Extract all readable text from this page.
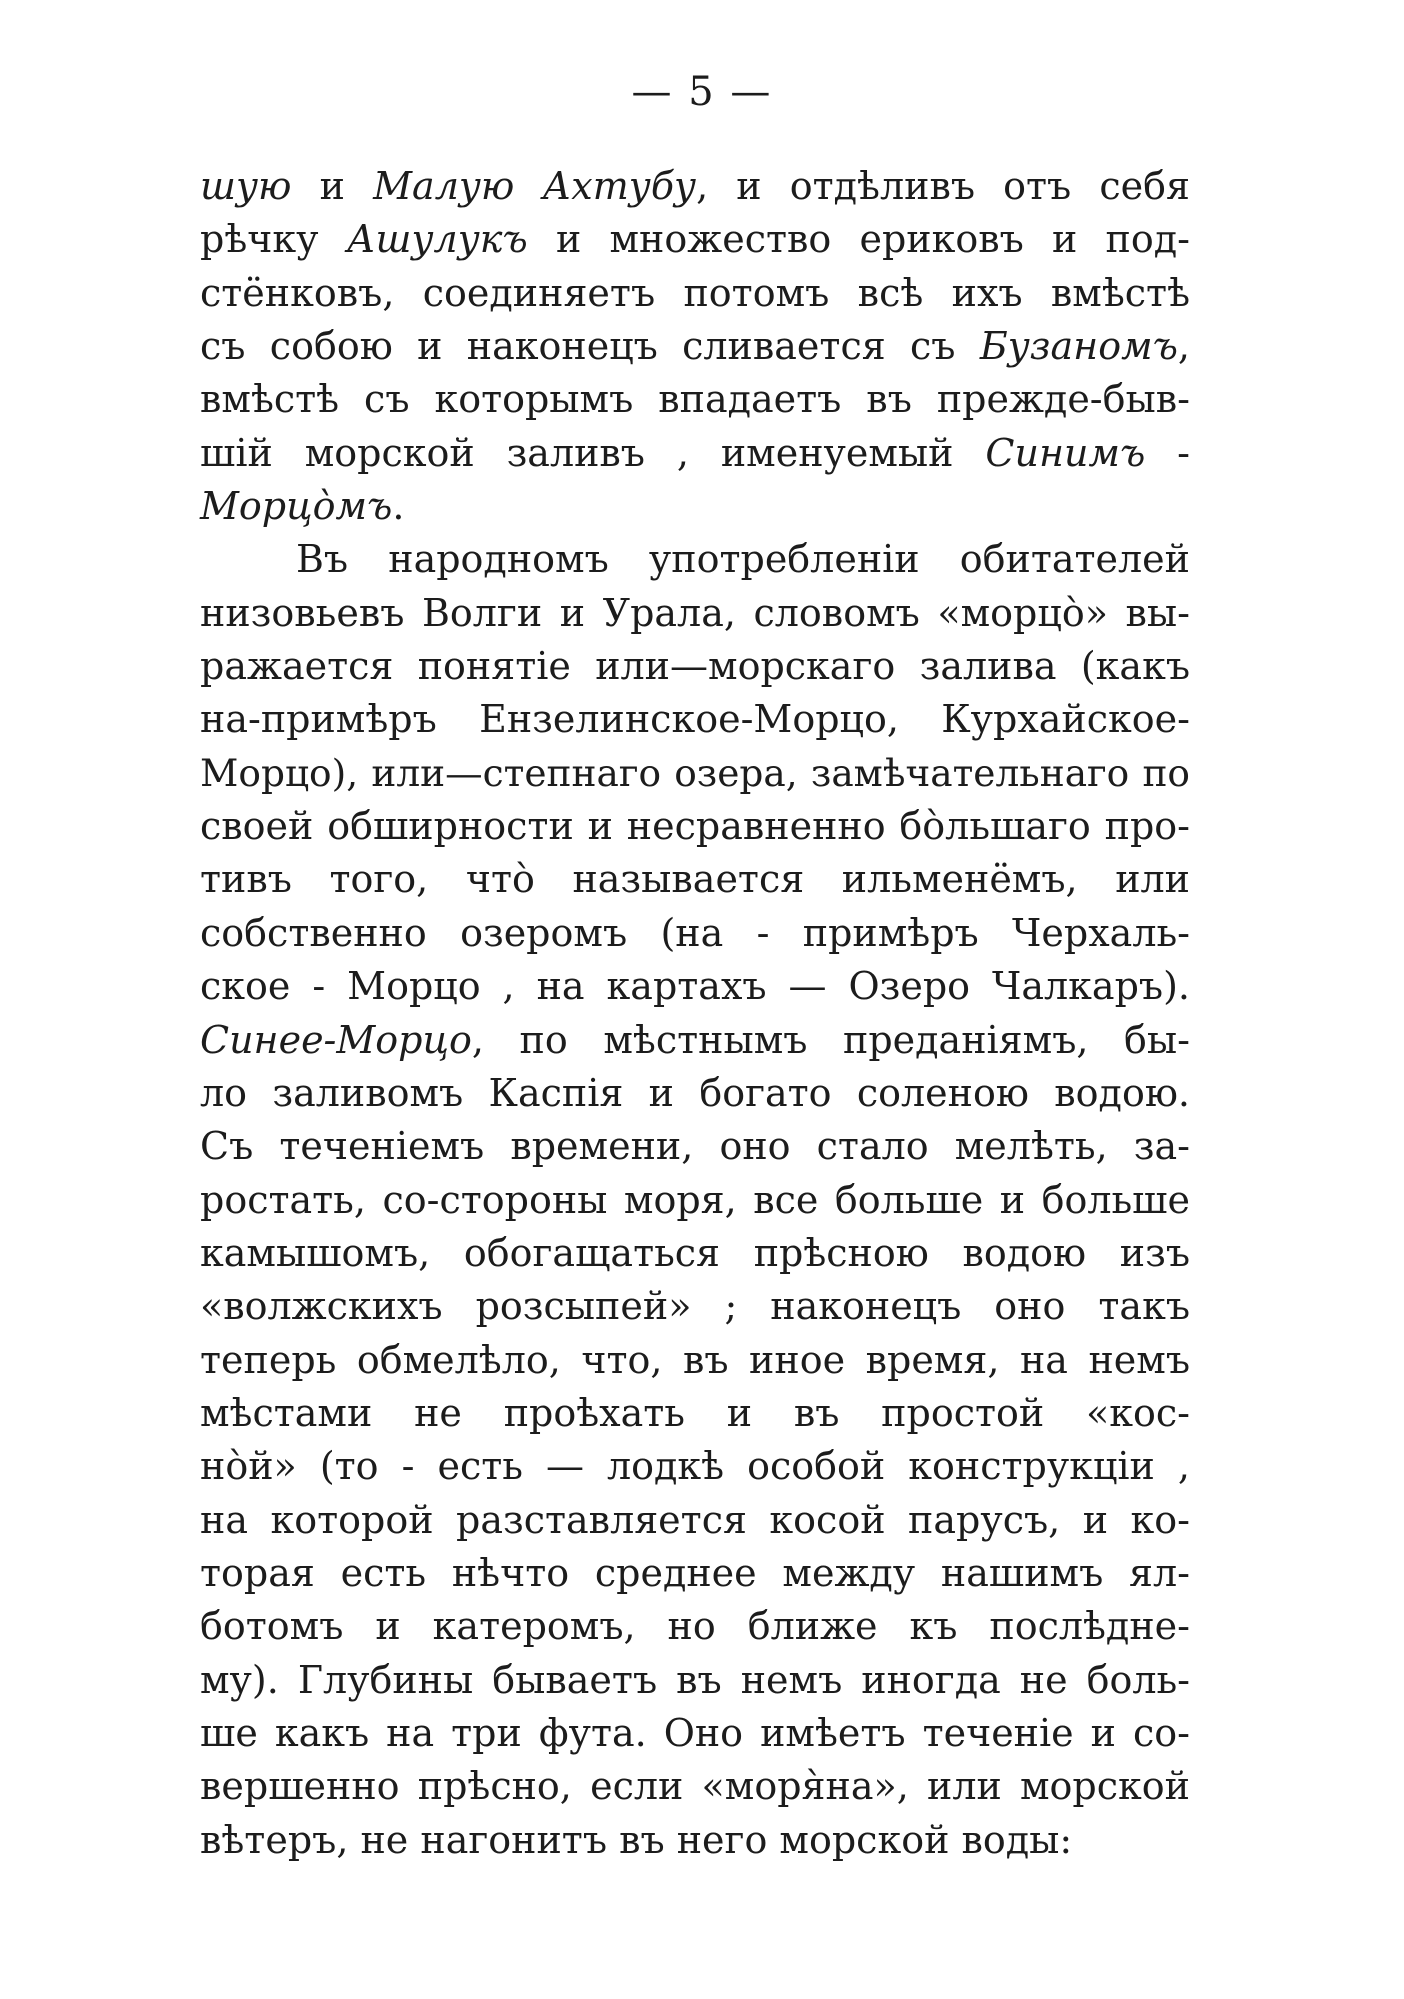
— 5 —
шую и Малую Ахтубу, и отдѣливъ отъ себя
рѣчку Ашулукъ и множество ериковъ и под-
стёнковъ, соединяетъ потомъ всѣ ихъ вмѣстѣ
съ собою и наконецъ сливается съ Бузаномъ,
вмѣстѣ съ которымъ впадаетъ въ прежде-быв-
шій морской заливъ , именуемый Синимъ -
Морцо̀мъ.
Въ народномъ употребленіи обитателей
низовьевъ Волги и Урала, словомъ «морцо̀» вы-
ражается понятіе или—морскаго залива (какъ
на-примѣръ Ензелинское-Морцо, Курхайское-
Морцо), или—степнаго озера, замѣчательнаго по
своей обширности и несравненно бо̀льшаго про-
тивъ того, что̀ называется ильменёмъ, или
собственно озеромъ (на - примѣръ Черхаль-
ское - Морцо , на картахъ — Озеро Чалкаръ).
Синее-Морцо, по мѣстнымъ преданіямъ, бы-
ло заливомъ Каспія и богато соленою водою.
Съ теченіемъ времени, оно стало мелѣть, за-
ростать, со-стороны моря, все больше и больше
камышомъ, обогащаться прѣсною водою изъ
«волжскихъ розсыпей» ; наконецъ оно такъ
теперь обмелѣло, что, въ иное время, на немъ
мѣстами не проѣхать и въ простой «кос-
но̀й» (то - есть — лодкѣ особой конструкціи ,
на которой разставляется косой парусъ, и ко-
торая есть нѣчто среднее между нашимъ ял-
ботомъ и катеромъ, но ближе къ послѣдне-
му). Глубины бываетъ въ немъ иногда не боль-
ше какъ на три фута. Оно имѣетъ теченіе и со-
вершенно прѣсно, если «моря̀на», или морской
вѣтеръ, не нагонитъ въ него морской воды:
